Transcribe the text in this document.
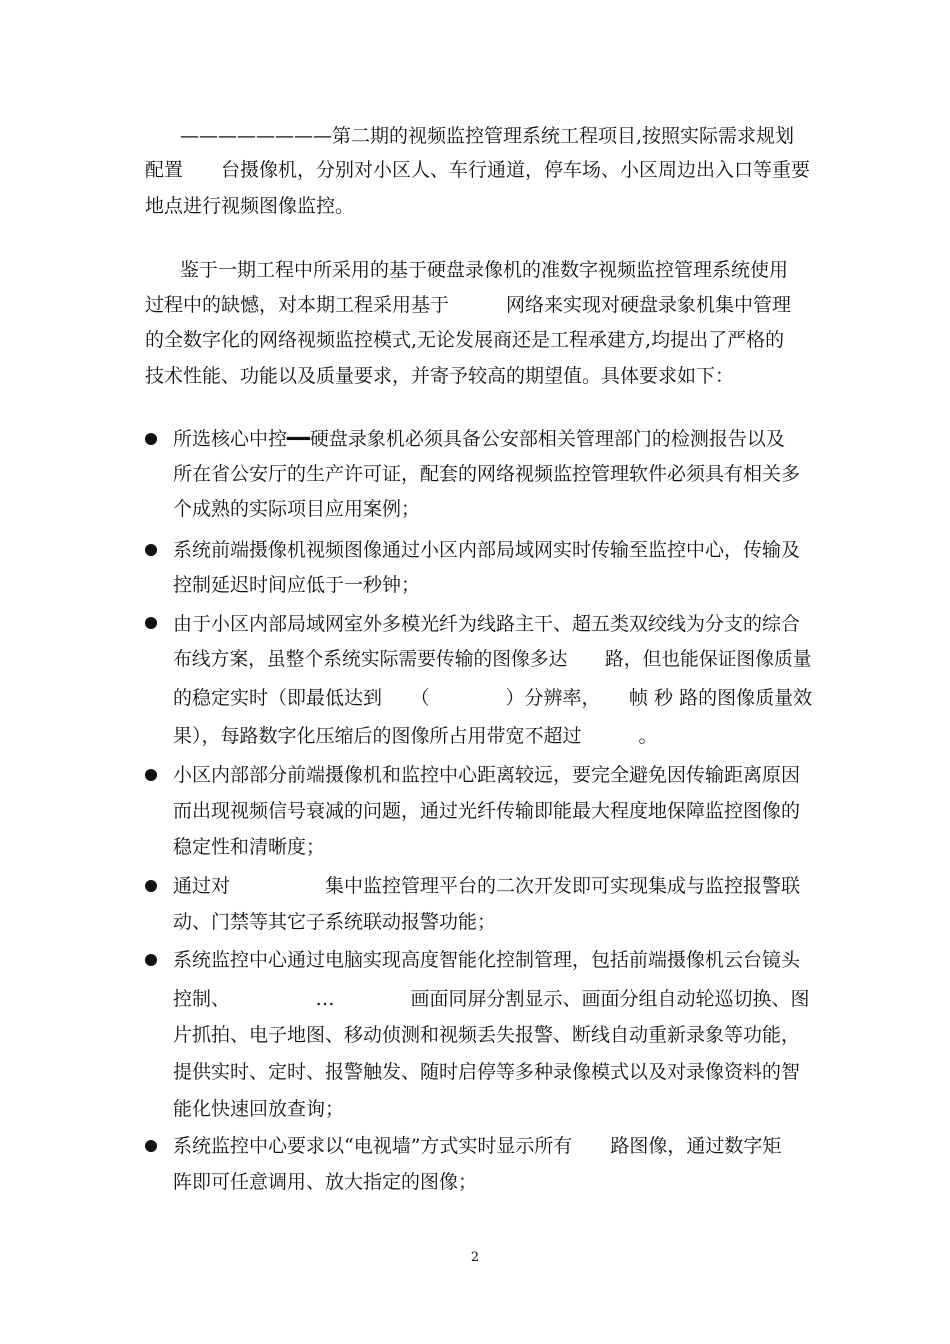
————————第二期的视频监控管理系统工程项目,按照实际需求规划
配置　　台摄像机，分别对小区人、车行通道，停车场、小区周边出入口等重要
地点进行视频图像监控。
鉴于一期工程中所采用的基于硬盘录像机的准数字视频监控管理系统使用
过程中的缺憾，对本期工程采用基于　　　网络来实现对硬盘录象机集中管理
的全数字化的网络视频监控模式,无论发展商还是工程承建方,均提出了严格的
技术性能、功能以及质量要求，并寄予较高的期望值。具体要求如下：
所选核心中控━━硬盘录象机必须具备公安部相关管理部门的检测报告以及
所在省公安厅的生产许可证，配套的网络视频监控管理软件必须具有相关多
个成熟的实际项目应用案例；
系统前端摄像机视频图像通过小区内部局域网实时传输至监控中心，传输及
控制延迟时间应低于一秒钟；
由于小区内部局域网室外多模光纤为线路主干、超五类双绞线为分支的综合
布线方案，虽整个系统实际需要传输的图像多达　　路，但也能保证图像质量
的稳定实时（即最低达到　　（　　　　）分辨率，　　帧 秒 路的图像质量效
果），每路数字化压缩后的图像所占用带宽不超过　　　。
小区内部部分前端摄像机和监控中心距离较远，要完全避免因传输距离原因
而出现视频信号衰减的问题，通过光纤传输即能最大程度地保障监控图像的
稳定性和清晰度；
通过对　　　　　集中监控管理平台的二次开发即可实现集成与监控报警联
动、门禁等其它子系统联动报警功能；
系统监控中心通过电脑实现高度智能化控制管理，包括前端摄像机云台镜头
控制、　　　　　…　　　　画面同屏分割显示、画面分组自动轮巡切换、图
片抓拍、电子地图、移动侦测和视频丢失报警、断线自动重新录象等功能，
提供实时、定时、报警触发、随时启停等多种录像模式以及对录像资料的智
能化快速回放查询；
系统监控中心要求以“电视墙”方式实时显示所有　　路图像，通过数字矩
阵即可任意调用、放大指定的图像；
2
